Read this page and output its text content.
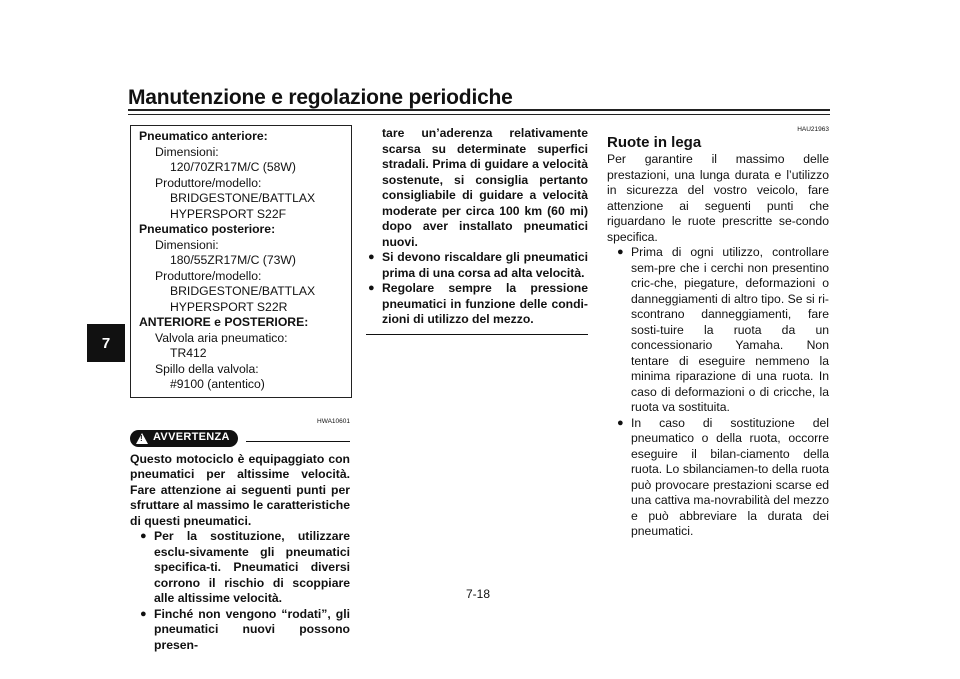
Manutenzione e regolazione periodiche
7
Pneumatico anteriore:
Dimensioni:
120/70ZR17M/C (58W)
Produttore/modello:
BRIDGESTONE/BATTLAX
HYPERSPORT S22F
Pneumatico posteriore:
Dimensioni:
180/55ZR17M/C (73W)
Produttore/modello:
BRIDGESTONE/BATTLAX
HYPERSPORT S22R
ANTERIORE e POSTERIORE:
Valvola aria pneumatico:
TR412
Spillo della valvola:
#9100 (antentico)
HWA10601
!
AVVERTENZA
Questo motociclo è equipaggiato con pneumatici per altissime velocità. Fare attenzione ai seguenti punti per sfruttare al massimo le caratteristiche di questi pneumatici.
● Per la sostituzione, utilizzare esclu-sivamente gli pneumatici specifica-ti. Pneumatici diversi corrono il rischio di scoppiare alle altissime velocità.
● Finché non vengono “rodati”, gli pneumatici nuovi possono presen-
tare un’aderenza relativamente scarsa su determinate superfici stradali. Prima di guidare a velocità sostenute, si consiglia pertanto consigliabile di guidare a velocità moderate per circa 100 km (60 mi) dopo aver installato pneumatici nuovi.
● Si devono riscaldare gli pneumatici prima di una corsa ad alta velocità.
● Regolare sempre la pressione pneumatici in funzione delle condi-zioni di utilizzo del mezzo.
HAU21963
Ruote in lega
Per garantire il massimo delle prestazioni, una lunga durata e l’utilizzo in sicurezza del vostro veicolo, fare attenzione ai seguenti punti che riguardano le ruote prescritte se-condo specifica.
● Prima di ogni utilizzo, controllare sem-pre che i cerchi non presentino cric-che, piegature, deformazioni o danneggiamenti di altro tipo. Se si ri-scontrano danneggiamenti, fare sosti-tuire la ruota da un concessionario Yamaha. Non tentare di eseguire nemmeno la minima riparazione di una ruota. In caso di deformazioni o di cricche, la ruota va sostituita.
● In caso di sostituzione del pneumatico o della ruota, occorre eseguire il bilan-ciamento della ruota. Lo sbilanciamen-to della ruota può provocare prestazioni scarse ed una cattiva ma-novrabilità del mezzo e può abbreviare la durata dei pneumatici.
7-18
